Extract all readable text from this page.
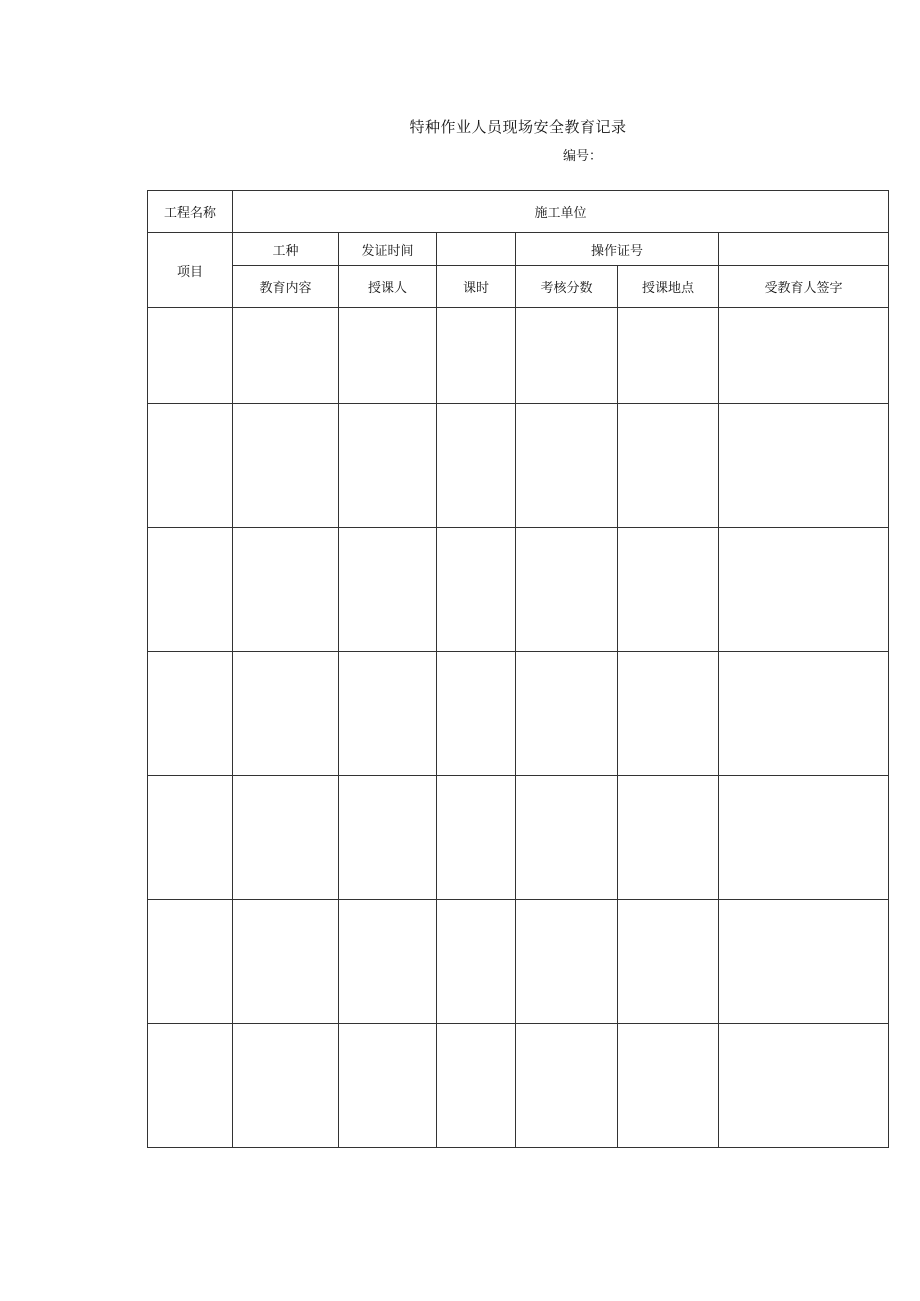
特种作业人员现场安全教育记录
编号：
工程名称	施工单位					
项目	工种	发证时间		操作证号		
	教育内容	授课人	课时	考核分数	授课地点	受教育人签字
